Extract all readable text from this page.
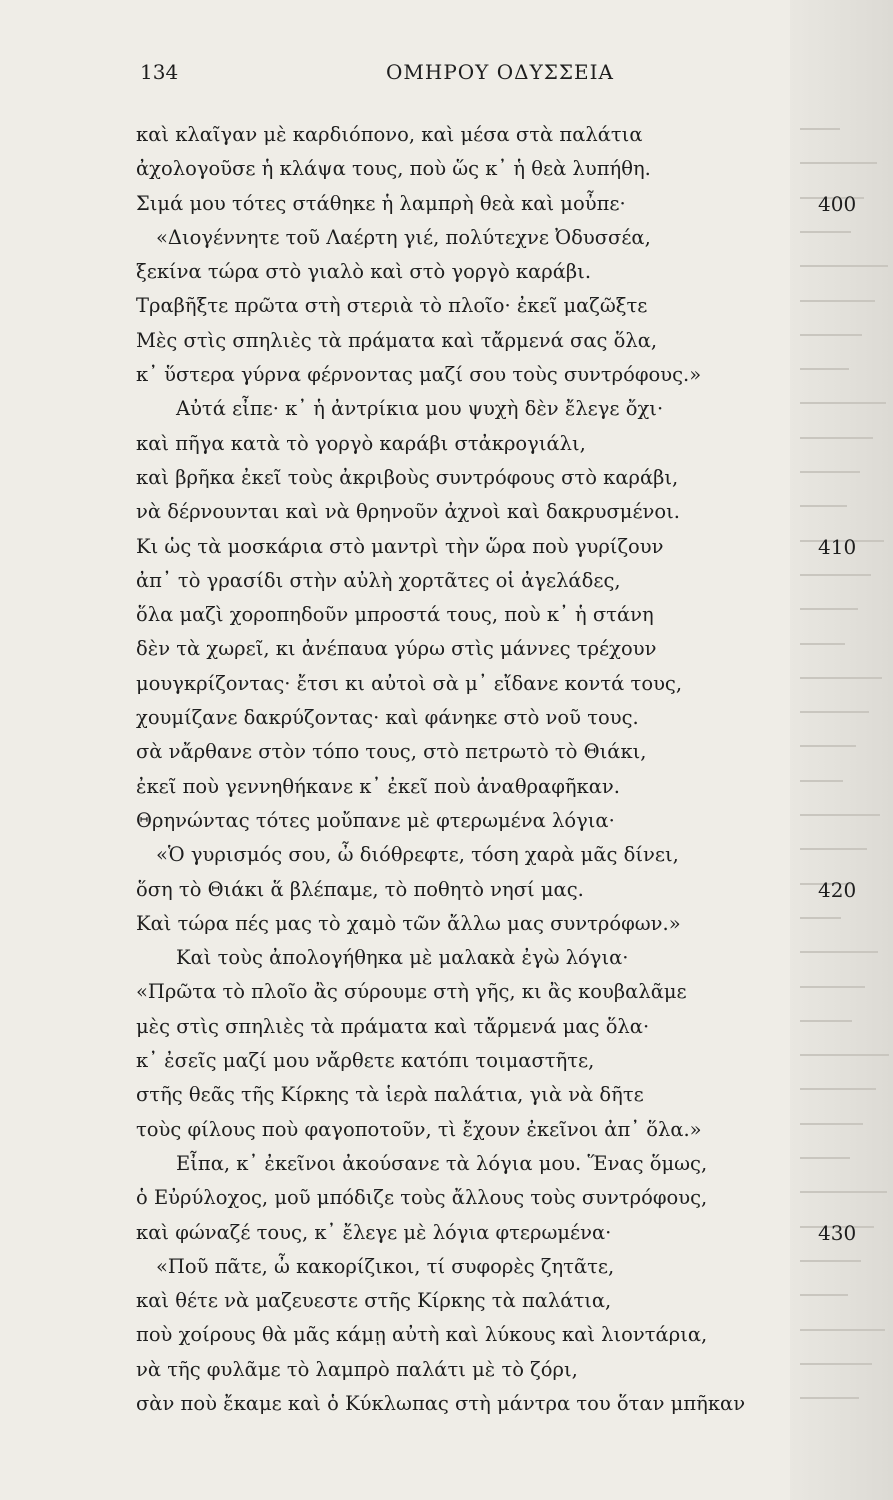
134	ΟΜΗΡΟΥ ΟΔΥΣΣΕΙΑ
καὶ κλαῖγαν μὲ καρδιόπονο, καὶ μέσα στὰ παλάτια
ἀχολογοῦσε ἡ κλάψα τους, ποὺ ὥς κ᾽ ἡ θεὰ λυπήθη.
Σιμά μου τότες στάθηκε ἡ λαμπρὴ θεὰ καὶ μοὖπε·	400
«Διογέννητε τοῦ Λαέρτη γιέ, πολύτεχνε Ὀδυσσέα,
ξεκίνα τώρα στὸ γιαλὸ καὶ στὸ γοργὸ καράβι.
Τραβῆξτε πρῶτα στὴ στεριὰ τὸ πλοῖο· ἐκεῖ μαζῶξτε
Μὲς στὶς σπηλιὲς τὰ πράματα καὶ τἄρμενά σας ὅλα,
κ᾽ ὕστερα γύρνα φέρνοντας μαζί σου τοὺς συντρόφους.»
Αὐτά εἶπε· κ᾽ ἡ ἀντρίκια μου ψυχὴ δὲν ἔλεγε ὄχι·
καὶ πῆγα κατὰ τὸ γοργὸ καράβι στἀκρογιάλι,
καὶ βρῆκα ἐκεῖ τοὺς ἀκριβοὺς συντρόφους στὸ καράβι,
νὰ δέρνουνται καὶ νὰ θρηνοῦν ἀχνοὶ καὶ δακρυσμένοι.
Κι ὡς τὰ μοσκάρια στὸ μαντρὶ τὴν ὥρα ποὺ γυρίζουν	410
ἀπ᾽ τὸ γρασίδι στὴν αὐλὴ χορτᾶτες οἱ ἀγελάδες,
ὅλα μαζὶ χοροπηδοῦν μπροστά τους, ποὺ κ᾽ ἡ στάνη
δὲν τὰ χωρεῖ, κι ἀνέπαυα γύρω στὶς μάννες τρέχουν
μουγκρίζοντας· ἔτσι κι αὐτοὶ σὰ μ᾽ εἴδανε κοντά τους,
χουμίζανε δακρύζοντας· καὶ φάνηκε στὸ νοῦ τους.
σὰ νἄρθανε στὸν τόπο τους, στὸ πετρωτὸ τὸ Θιάκι,
ἐκεῖ ποὺ γεννηθήκανε κ᾽ ἐκεῖ ποὺ ἀναθραφῆκαν.
Θρηνώντας τότες μοὔπανε μὲ φτερωμένα λόγια·
«Ὁ γυρισμός σου, ὦ διόθρεφτε, τόση χαρὰ μᾶς δίνει,
ὅση τὸ Θιάκι ἅ βλέπαμε, τὸ ποθητὸ νησί μας.	420
Καὶ τώρα πές μας τὸ χαμὸ τῶν ἄλλω μας συντρόφων.»
Καὶ τοὺς ἀπολογήθηκα μὲ μαλακὰ ἐγὼ λόγια·
«Πρῶτα τὸ πλοῖο ἂς σύρουμε στὴ γῆς, κι ἂς κουβαλᾶμε
μὲς στὶς σπηλιὲς τὰ πράματα καὶ τἄρμενά μας ὅλα·
κ᾽ ἐσεῖς μαζί μου νἄρθετε κατόπι τοιμαστῆτε,
στῆς θεᾶς τῆς Κίρκης τὰ ἱερὰ παλάτια, γιὰ νὰ δῆτε
τοὺς φίλους ποὺ φαγοποτοῦν, τὶ ἔχουν ἐκεῖνοι ἀπ᾽ ὅλα.»
Εἶπα, κ᾽ ἐκεῖνοι ἀκούσανε τὰ λόγια μου. Ἕνας ὅμως,
ὁ Εὐρύλοχος, μοῦ μπόδιζε τοὺς ἄλλους τοὺς συντρόφους,
καὶ φώναζέ τους, κ᾽ ἔλεγε μὲ λόγια φτερωμένα·	430
«Ποῦ πᾶτε, ὦ κακορίζικοι, τί συφορὲς ζητᾶτε,
καὶ θέτε νὰ μαζευεστε στῆς Κίρκης τὰ παλάτια,
ποὺ χοίρους θὰ μᾶς κάμῃ αὐτὴ καὶ λύκους καὶ λιοντάρια,
νὰ τῆς φυλᾶμε τὸ λαμπρὸ παλάτι μὲ τὸ ζόρι,
σὰν ποὺ ἔκαμε καὶ ὁ Κύκλωπας στὴ μάντρα του ὅταν μπῆκαν
